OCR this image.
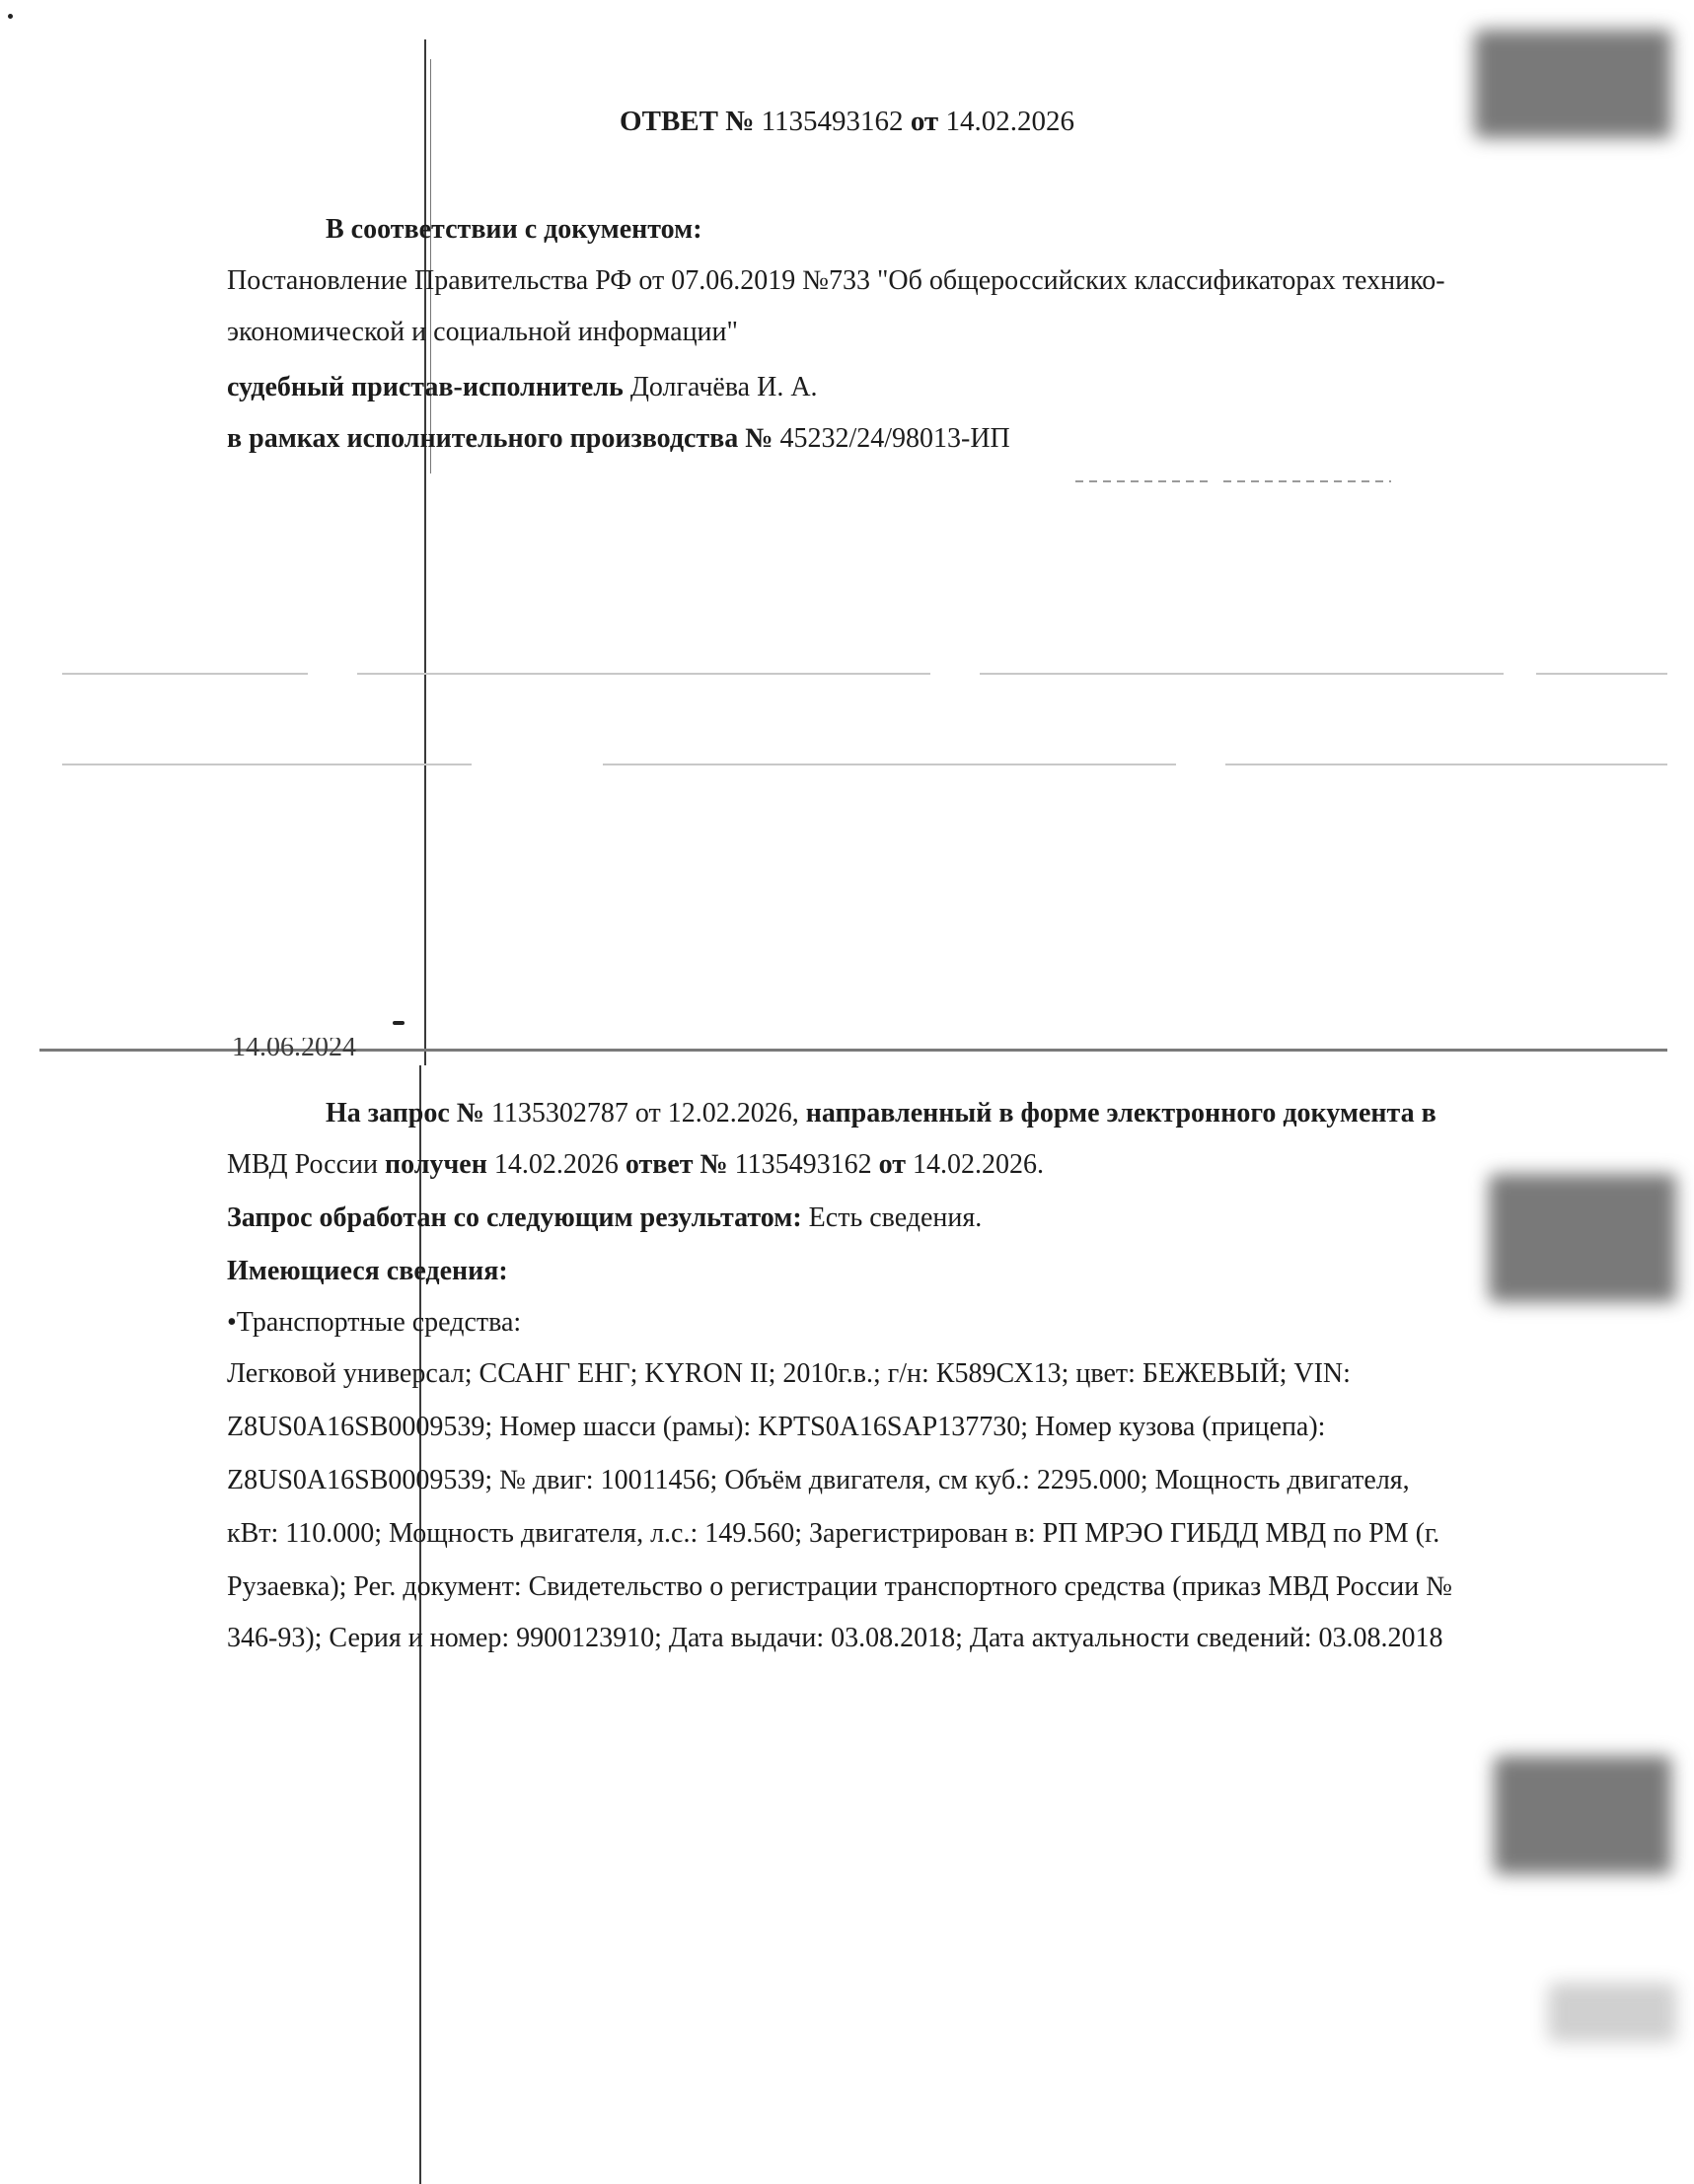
ОТВЕТ № 1135493162 от 14.02.2026
В соответствии с документом:
Постановление Правительства РФ от 07.06.2019 №733 "Об общероссийских классификаторах технико-
экономической и социальной информации"
судебный пристав-исполнитель Долгачёва И. А.
в рамках исполнительного производства № 45232/24/98013-ИП
14.06.2024
На запрос № 1135302787 от 12.02.2026, направленный в форме электронного документа в
МВД России получен 14.02.2026 ответ № 1135493162 от 14.02.2026.
Запрос обработан со следующим результатом: Есть сведения.
Имеющиеся сведения:
•Транспортные средства:
Легковой универсал; ССАНГ ЕНГ; KYRON II; 2010г.в.; г/н: К589СХ13; цвет: БЕЖЕВЫЙ; VIN:
Z8US0A16SB0009539; Номер шасси (рамы): KPTS0A16SAP137730; Номер кузова (прицепа):
Z8US0A16SB0009539; № двиг: 10011456; Объём двигателя, см куб.: 2295.000; Мощность двигателя,
кВт: 110.000; Мощность двигателя, л.с.: 149.560; Зарегистрирован в: РП МРЭО ГИБДД МВД по РМ (г.
Рузаевка); Рег. документ: Свидетельство о регистрации транспортного средства (приказ МВД России №
346-93); Серия и номер: 9900123910; Дата выдачи: 03.08.2018; Дата актуальности сведений: 03.08.2018
